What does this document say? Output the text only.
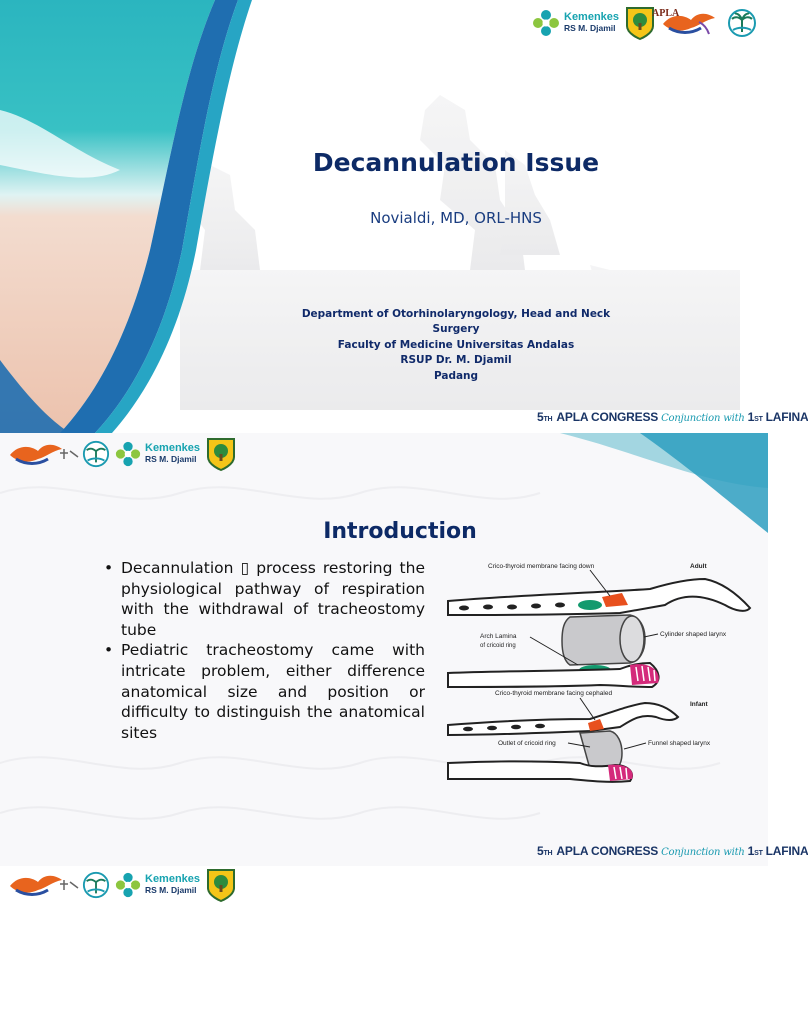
Kemenkes
RS M. Djamil
APLA
Decannulation Issue
Novialdi, MD, ORL-HNS
Department of Otorhinolaryngology, Head and Neck
Surgery
Faculty of Medicine Universitas Andalas
RSUP Dr. M. Djamil
Padang
$5_{TH}$ APLA CONGRESS Conjunction with $1_{ST}$ LAFINA
Kemenkes
RS M. Djamil
Introduction
• Decannulation ▯ process restoring the physiological pathway of respiration with the withdrawal of tracheostomy tube
• Pediatric tracheostomy came with intricate problem, either difference anatomical size and position or difficulty to distinguish the anatomical sites
Crico-thyroid membrane facing down	Adult
Arch Lamina
of cricoid ring
Cylinder shaped larynx
Crico-thyroid membrane facing cephaled
Infant
Outlet of cricoid ring	Funnel shaped larynx
$5_{TH}$ APLA CONGRESS Conjunction with $1_{ST}$ LAFINA
Kemenkes
RS M. Djamil
